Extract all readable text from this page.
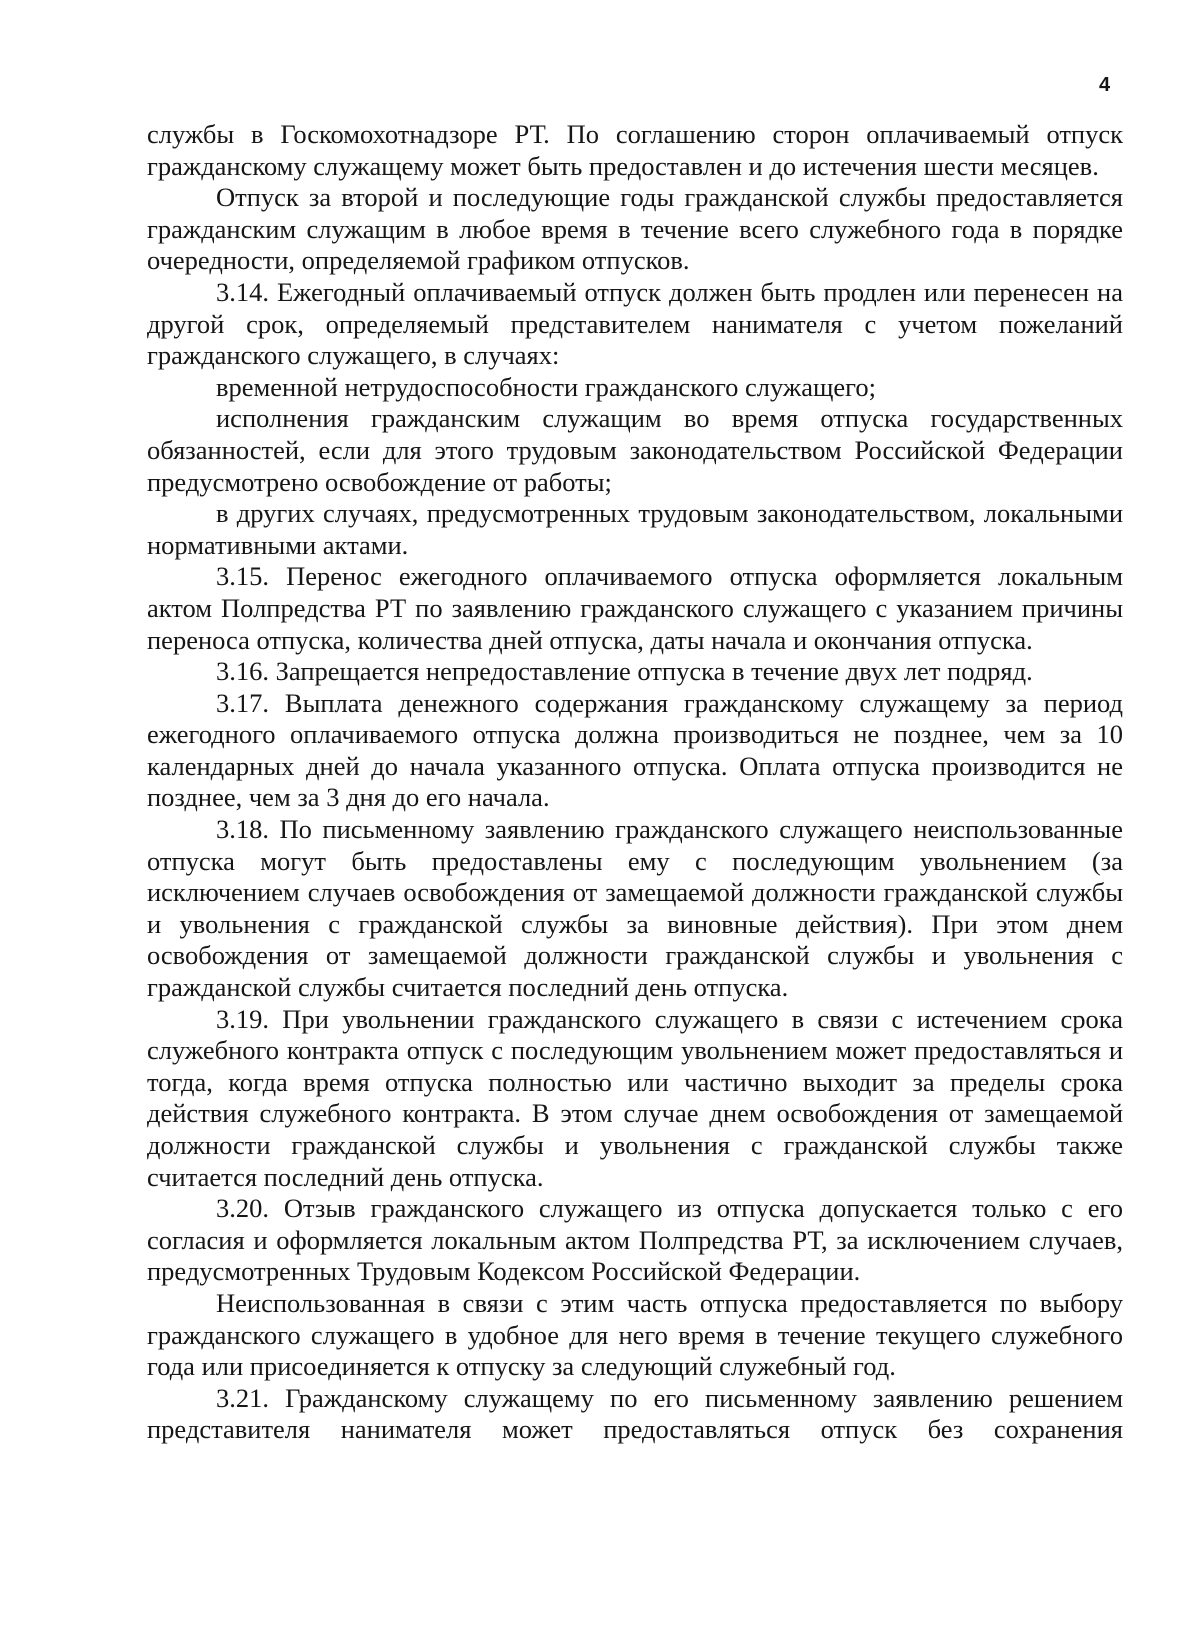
4

службы в Госкомохотнадзоре РТ. По соглашению сторон оплачиваемый отпуск гражданскому служащему может быть предоставлен и до истечения шести месяцев.

Отпуск за второй и последующие годы гражданской службы предоставляется гражданским служащим в любое время в течение всего служебного года в порядке очередности, определяемой графиком отпусков.

3.14. Ежегодный оплачиваемый отпуск должен быть продлен или перенесен на другой срок, определяемый представителем нанимателя с учетом пожеланий гражданского служащего, в случаях:

временной нетрудоспособности гражданского служащего;

исполнения гражданским служащим во время отпуска государственных обязанностей, если для этого трудовым законодательством Российской Федерации предусмотрено освобождение от работы;

в других случаях, предусмотренных трудовым законодательством, локальными нормативными актами.

3.15. Перенос ежегодного оплачиваемого отпуска оформляется локальным актом Полпредства РТ по заявлению гражданского служащего с указанием причины переноса отпуска, количества дней отпуска, даты начала и окончания отпуска.

3.16. Запрещается непредоставление отпуска в течение двух лет подряд.

3.17. Выплата денежного содержания гражданскому служащему за период ежегодного оплачиваемого отпуска должна производиться не позднее, чем за 10 календарных дней до начала указанного отпуска. Оплата отпуска производится не позднее, чем за 3 дня до его начала.

3.18. По письменному заявлению гражданского служащего неиспользованные отпуска могут быть предоставлены ему с последующим увольнением (за исключением случаев освобождения от замещаемой должности гражданской службы и увольнения с гражданской службы за виновные действия). При этом днем освобождения от замещаемой должности гражданской службы и увольнения с гражданской службы считается последний день отпуска.

3.19. При увольнении гражданского служащего в связи с истечением срока служебного контракта отпуск с последующим увольнением может предоставляться и тогда, когда время отпуска полностью или частично выходит за пределы срока действия служебного контракта. В этом случае днем освобождения от замещаемой должности гражданской службы и увольнения с гражданской службы также считается последний день отпуска.

3.20. Отзыв гражданского служащего из отпуска допускается только с его согласия и оформляется локальным актом Полпредства РТ, за исключением случаев, предусмотренных Трудовым Кодексом Российской Федерации.

Неиспользованная в связи с этим часть отпуска предоставляется по выбору гражданского служащего в удобное для него время в течение текущего служебного года или присоединяется к отпуску за следующий служебный год.

3.21. Гражданскому служащему по его письменному заявлению решением представителя нанимателя может предоставляться отпуск без сохранения
